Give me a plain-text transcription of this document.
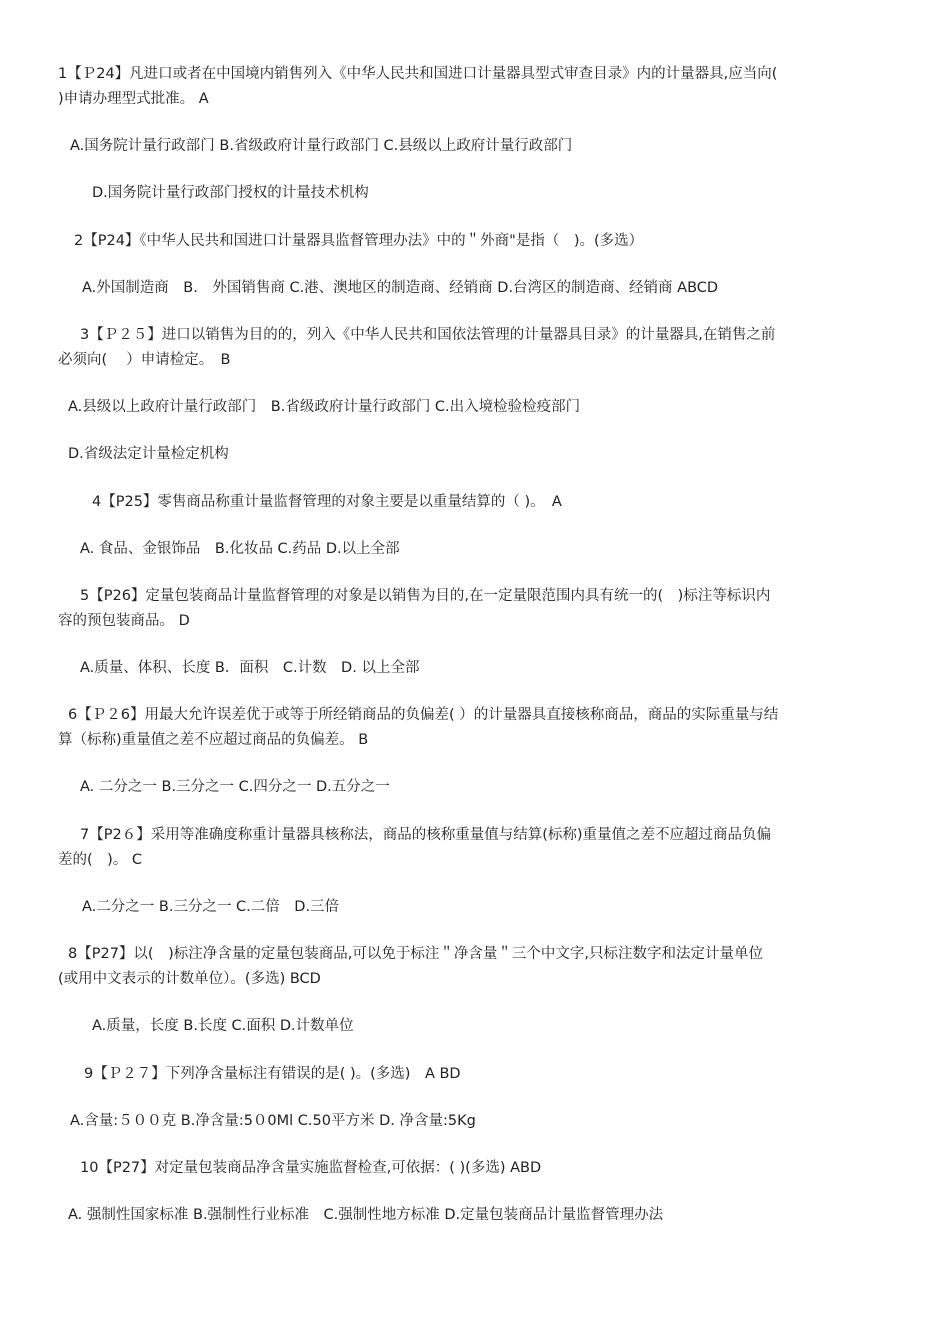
1【Ｐ24】凡进口或者在中国境内销售列入《中华人民共和国进口计量器具型式审查目录》内的计量器具,应当向(

)申请办理型式批准。 A

A.国务院计量行政部门 B.省级政府计量行政部门 C.县级以上政府计量行政部门

D.国务院计量行政部门授权的计量技术机构

2【P24】《中华人民共和国进口计量器具监督管理办法》中的＂外商"是指（　)。(多选）

A.外国制造商　B.　外国销售商 C.港、澳地区的制造商、经销商 D.台湾区的制造商、经销商 ABCD

3【Ｐ２５】进口以销售为目的的，列入《中华人民共和国依法管理的计量器具目录》的计量器具,在销售之前

必须向(　 ）申请检定。　B

A.县级以上政府计量行政部门　B.省级政府计量行政部门 C.出入境检验检疫部门

D.省级法定计量检定机构

4【P25】零售商品称重计量监督管理的对象主要是以重量结算的（ )。　A

A. 食品、金银饰品　B.化妆品 C.药品 D.以上全部

5【P26】定量包装商品计量监督管理的对象是以销售为目的,在一定量限范围内具有统一的(　)标注等标识内

容的预包装商品。 D

A.质量、体积、长度 B．面积　C.计数　D. 以上全部

6【Ｐ２6】用最大允许误差优于或等于所经销商品的负偏差( ）的计量器具直接核称商品，商品的实际重量与结

算（标称)重量值之差不应超过商品的负偏差。 B

A. 二分之一 B.三分之一 C.四分之一 D.五分之一

7【P2６】采用等准确度称重计量器具核称法，商品的核称重量值与结算(标称)重量值之差不应超过商品负偏

差的(　)。 C

A.二分之一 B.三分之一 C.二倍　D.三倍

8【P27】以(　)标注净含量的定量包装商品,可以免于标注＂净含量＂三个中文字,只标注数字和法定计量单位

(或用中文表示的计数单位）。(多选) BCD

A.质量，长度 B.长度 C.面积 D.计数单位

9【Ｐ２７】下列净含量标注有错误的是( )。(多选)　A BD

A.含量:５００克 B.净含量:5０0Ml C.50平方米 D. 净含量:5Kg

10【P27】对定量包装商品净含量实施监督检查,可依据：( )(多选) ABD

A. 强制性国家标准 B.强制性行业标准　C.强制性地方标准 D.定量包装商品计量监督管理办法
